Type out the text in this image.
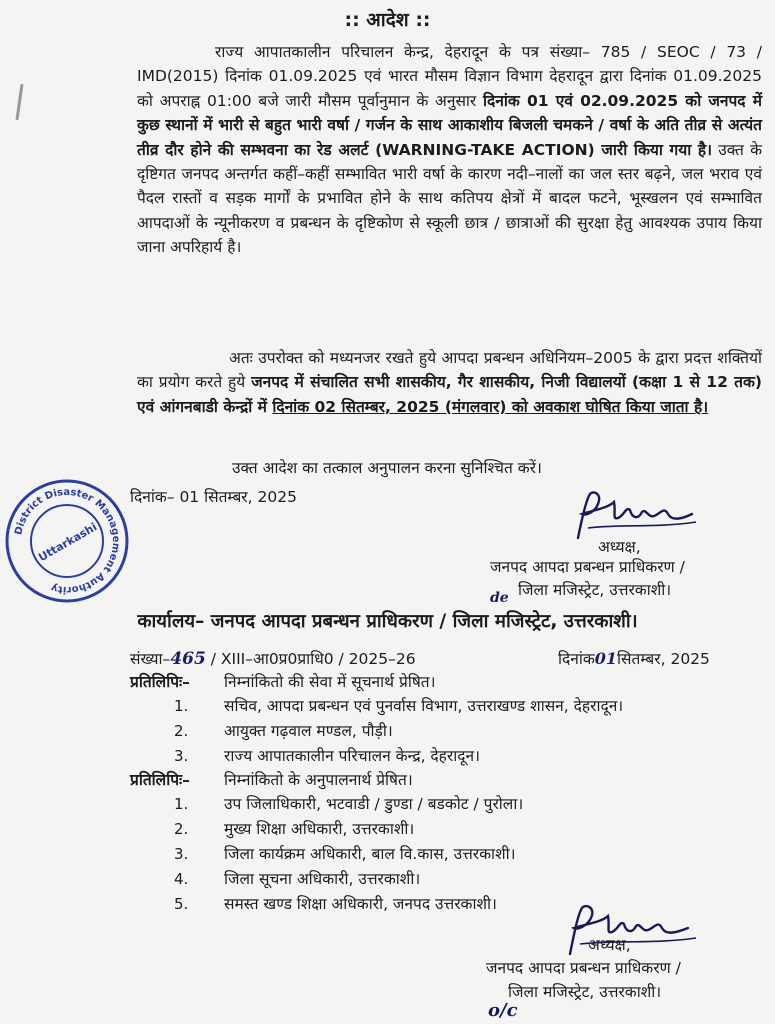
:: आदेश ::
राज्य आपातकालीन परिचालन केन्द्र, देहरादून के पत्र संख्या– 785 / SEOC / 73 / IMD(2015) दिनांक 01.09.2025 एवं भारत मौसम विज्ञान विभाग देहरादून द्वारा दिनांक 01.09.2025 को अपराह्न 01:00 बजे जारी मौसम पूर्वानुमान के अनुसार दिनांक 01 एवं 02.09.2025 को जनपद में कुछ स्थानों में भारी से बहुत भारी वर्षा / गर्जन के साथ आकाशीय बिजली चमकने / वर्षा के अति तीव्र से अत्यंत तीव्र दौर होने की सम्भवना का रेड अलर्ट (WARNING-TAKE ACTION) जारी किया गया है। उक्त के दृष्टिगत जनपद अन्तर्गत कहीं–कहीं सम्भावित भारी वर्षा के कारण नदी–नालों का जल स्तर बढ़ने, जल भराव एवं पैदल रास्तों व सड़क मार्गों के प्रभावित होने के साथ कतिपय क्षेत्रों में बादल फटने, भूस्खलन एवं सम्भावित आपदाओं के न्यूनीकरण व प्रबन्धन के दृष्टिकोण से स्कूली छात्र / छात्राओं की सुरक्षा हेतु आवश्यक उपाय किया जाना अपरिहार्य है।
अतः उपरोक्त को मध्यनजर रखते हुये आपदा प्रबन्धन अधिनियम–2005 के द्वारा प्रदत्त शक्तियों का प्रयोग करते हुये जनपद में संचालित सभी शासकीय, गैर शासकीय, निजी विद्यालयों (कक्षा 1 से 12 तक) एवं आंगनबाडी केन्द्रों में दिनांक 02 सितम्बर, 2025 (मंगलवार) को अवकाश घोषित किया जाता है।
उक्त आदेश का तत्काल अनुपालन करना सुनिश्चित करें।
दिनांक– 01 सितम्बर, 2025
District Disaster Management Authority
Uttarkashi	अध्यक्ष,
जनपद आपदा प्रबन्धन प्राधिकरण /
जिला मजिस्ट्रेट, उत्तरकाशी।
de
कार्यालय– जनपद आपदा प्रबन्धन प्राधिकरण / जिला मजिस्ट्रेट, उत्तरकाशी।
संख्या–465 / XIII–आ0प्र0प्राधि0 / 2025–26	दिनांक01सितम्बर, 2025
प्रतिलिपिः– निम्नांकितो की सेवा में सूचनार्थ प्रेषित।
1. सचिव, आपदा प्रबन्धन एवं पुनर्वास विभाग, उत्तराखण्ड शासन, देहरादून।
2. आयुक्त गढ़वाल मण्डल, पौड़ी।
3. राज्य आपातकालीन परिचालन केन्द्र, देहरादून।
प्रतिलिपिः– निम्नांकितो के अनुपालनार्थ प्रेषित।
1. उप जिलाधिकारी, भटवाडी / डुण्डा / बडकोट / पुरोला।
2. मुख्य शिक्षा अधिकारी, उत्तरकाशी।
3. जिला कार्यक्रम अधिकारी, बाल वि.कास, उत्तरकाशी।
4. जिला सूचना अधिकारी, उत्तरकाशी।
5. समस्त खण्ड शिक्षा अधिकारी, जनपद उत्तरकाशी।
अध्यक्ष,
जनपद आपदा प्रबन्धन प्राधिकरण /
जिला मजिस्ट्रेट, उत्तरकाशी।
o/c
